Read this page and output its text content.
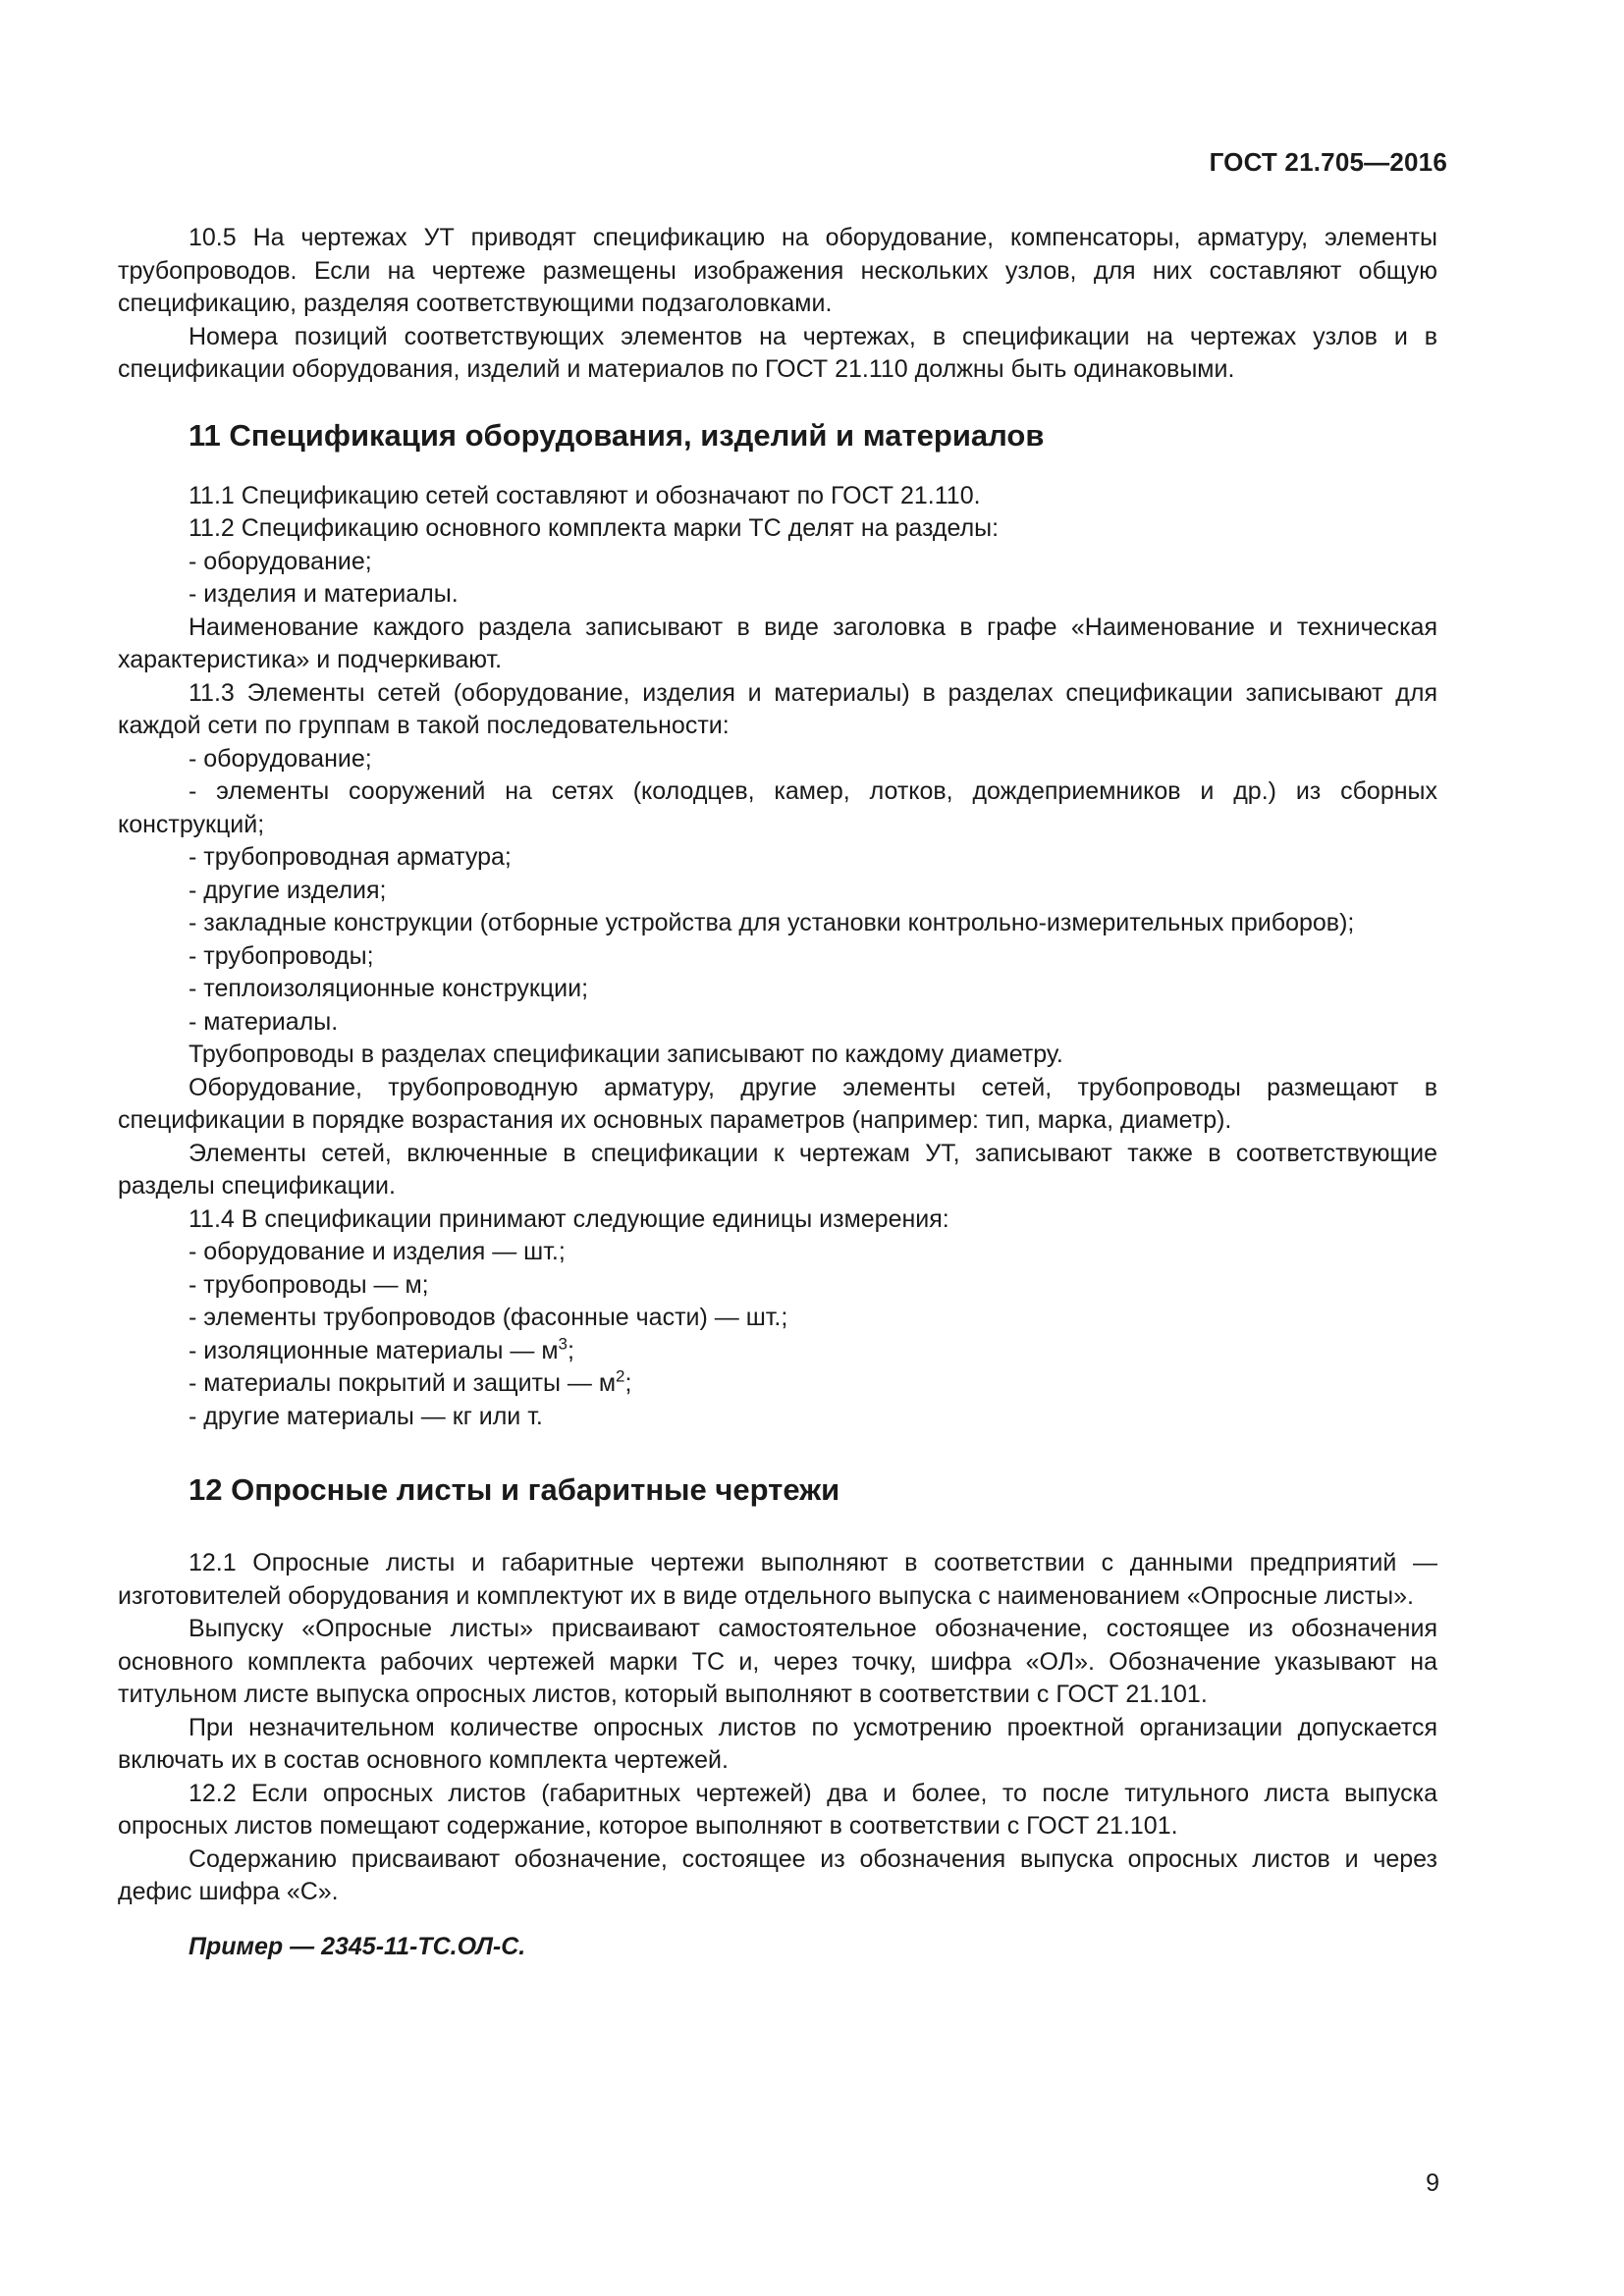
ГОСТ 21.705—2016

10.5 На чертежах УТ приводят спецификацию на оборудование, компенсаторы, арматуру, элементы трубопроводов. Если на чертеже размещены изображения нескольких узлов, для них составляют общую спецификацию, разделяя соответствующими подзаголовками.

Номера позиций соответствующих элементов на чертежах, в спецификации на чертежах узлов и в спецификации оборудования, изделий и материалов по ГОСТ 21.110 должны быть одинаковыми.

11 Спецификация оборудования, изделий и материалов

11.1 Спецификацию сетей составляют и обозначают по ГОСТ 21.110.

11.2 Спецификацию основного комплекта марки ТС делят на разделы:

- оборудование;

- изделия и материалы.

Наименование каждого раздела записывают в виде заголовка в графе «Наименование и техническая характеристика» и подчеркивают.

11.3 Элементы сетей (оборудование, изделия и материалы) в разделах спецификации записывают для каждой сети по группам в такой последовательности:

- оборудование;

- элементы сооружений на сетях (колодцев, камер, лотков, дождеприемников и др.) из сборных конструкций;

- трубопроводная арматура;

- другие изделия;

- закладные конструкции (отборные устройства для установки контрольно-измерительных приборов);

- трубопроводы;

- теплоизоляционные конструкции;

- материалы.

Трубопроводы в разделах спецификации записывают по каждому диаметру.

Оборудование, трубопроводную арматуру, другие элементы сетей, трубопроводы размещают в спецификации в порядке возрастания их основных параметров (например: тип, марка, диаметр).

Элементы сетей, включенные в спецификации к чертежам УТ, записывают также в соответствующие разделы спецификации.

11.4 В спецификации принимают следующие единицы измерения:

- оборудование и изделия — шт.;

- трубопроводы — м;

- элементы трубопроводов (фасонные части) — шт.;

- изоляционные материалы — $м^3$;

- материалы покрытий и защиты — $м^2$;

- другие материалы — кг или т.

12 Опросные листы и габаритные чертежи

12.1 Опросные листы и габаритные чертежи выполняют в соответствии с данными предприятий — изготовителей оборудования и комплектуют их в виде отдельного выпуска с наименованием «Опросные листы».

Выпуску «Опросные листы» присваивают самостоятельное обозначение, состоящее из обозначения основного комплекта рабочих чертежей марки ТС и, через точку, шифра «ОЛ». Обозначение указывают на титульном листе выпуска опросных листов, который выполняют в соответствии с ГОСТ 21.101.

При незначительном количестве опросных листов по усмотрению проектной организации допускается включать их в состав основного комплекта чертежей.

12.2 Если опросных листов (габаритных чертежей) два и более, то после титульного листа выпуска опросных листов помещают содержание, которое выполняют в соответствии с ГОСТ 21.101.

Содержанию присваивают обозначение, состоящее из обозначения выпуска опросных листов и через дефис шифра «С».

Пример — 2345-11-ТС.ОЛ-С.

9
